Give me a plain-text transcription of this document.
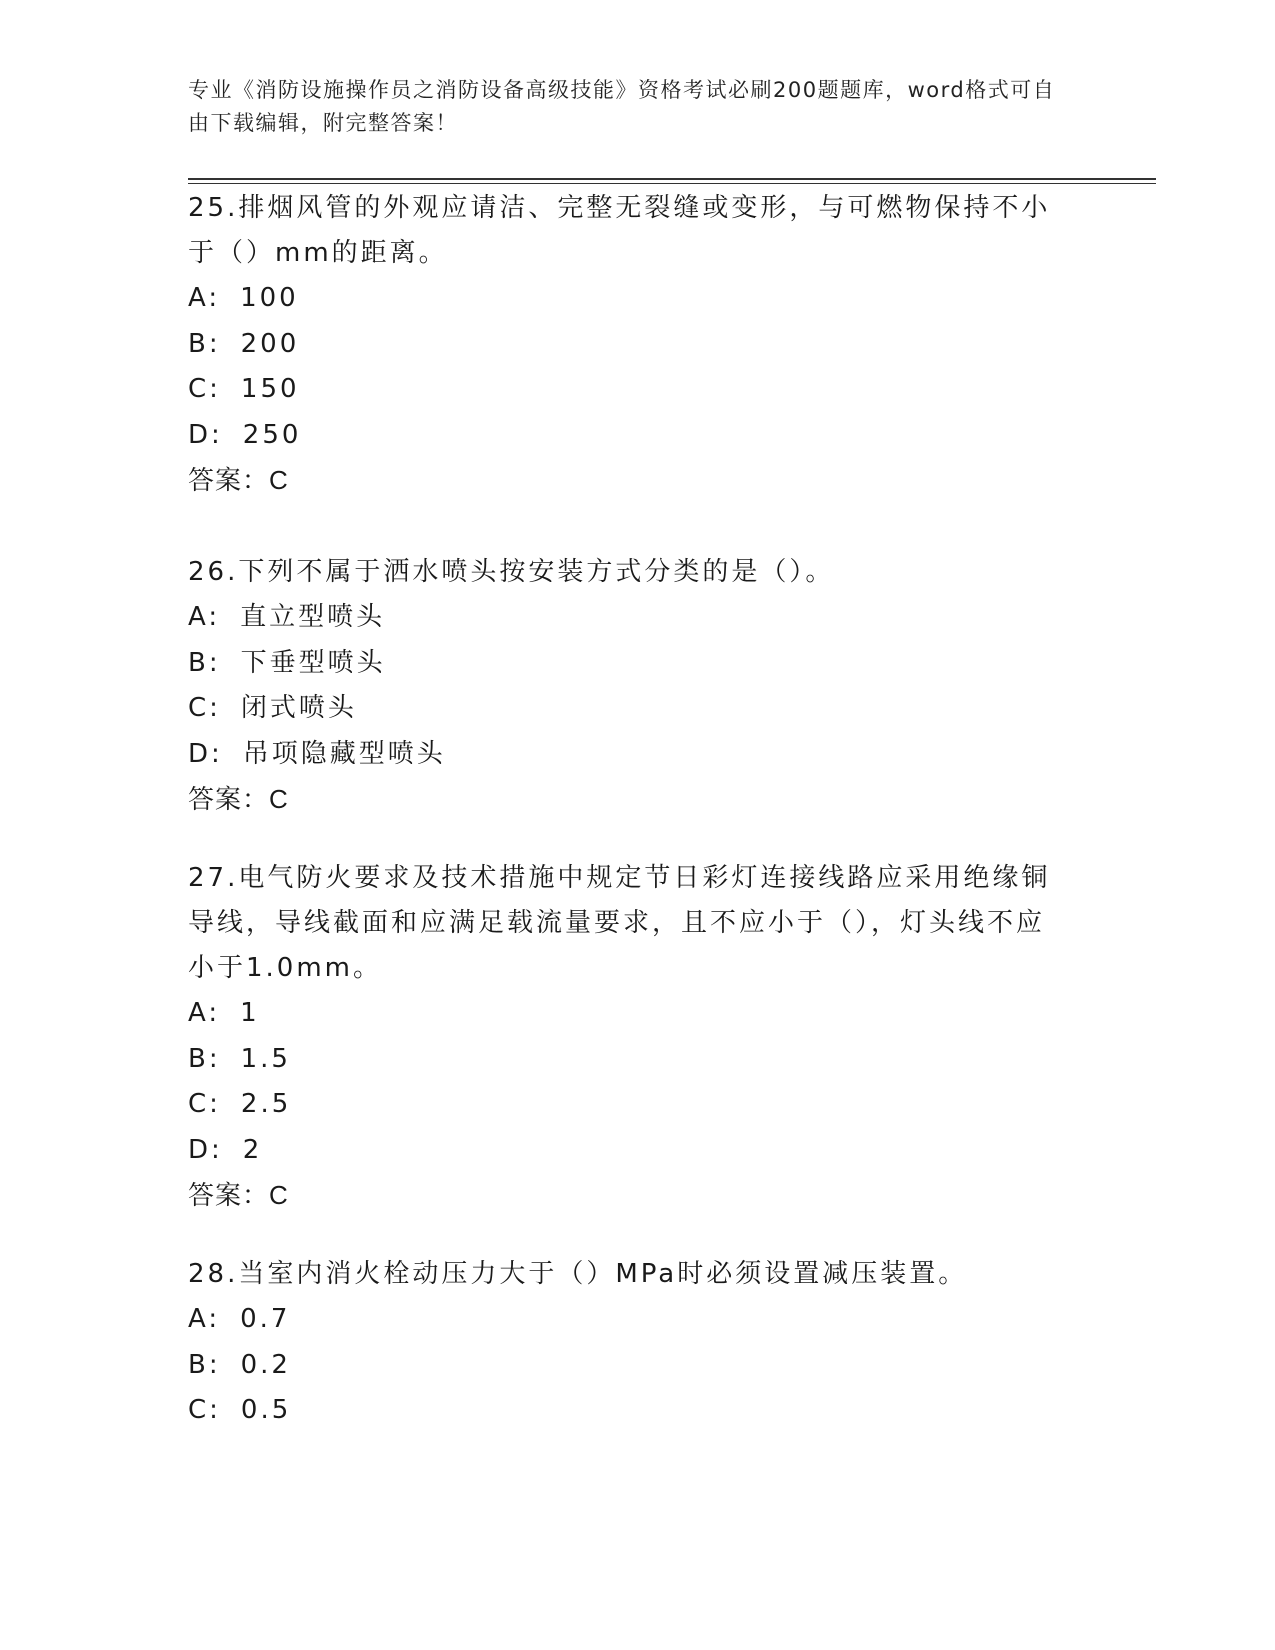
专业《消防设施操作员之消防设备高级技能》资格考试必刷200题题库，word格式可自由下载编辑，附完整答案！

25.排烟风管的外观应请洁、完整无裂缝或变形，与可燃物保持不小于（）mm的距离。

A: 100

B: 200

C: 150

D: 250

答案：C

26.下列不属于洒水喷头按安装方式分类的是（）。

A: 直立型喷头

B: 下垂型喷头

C: 闭式喷头

D: 吊项隐藏型喷头

答案：C

27.电气防火要求及技术措施中规定节日彩灯连接线路应采用绝缘铜导线，导线截面和应满足载流量要求，且不应小于（），灯头线不应小于1.0mm。

A: 1

B: 1.5

C: 2.5

D: 2

答案：C

28.当室内消火栓动压力大于（）MPa时必须设置减压装置。

A: 0.7

B: 0.2

C: 0.5
